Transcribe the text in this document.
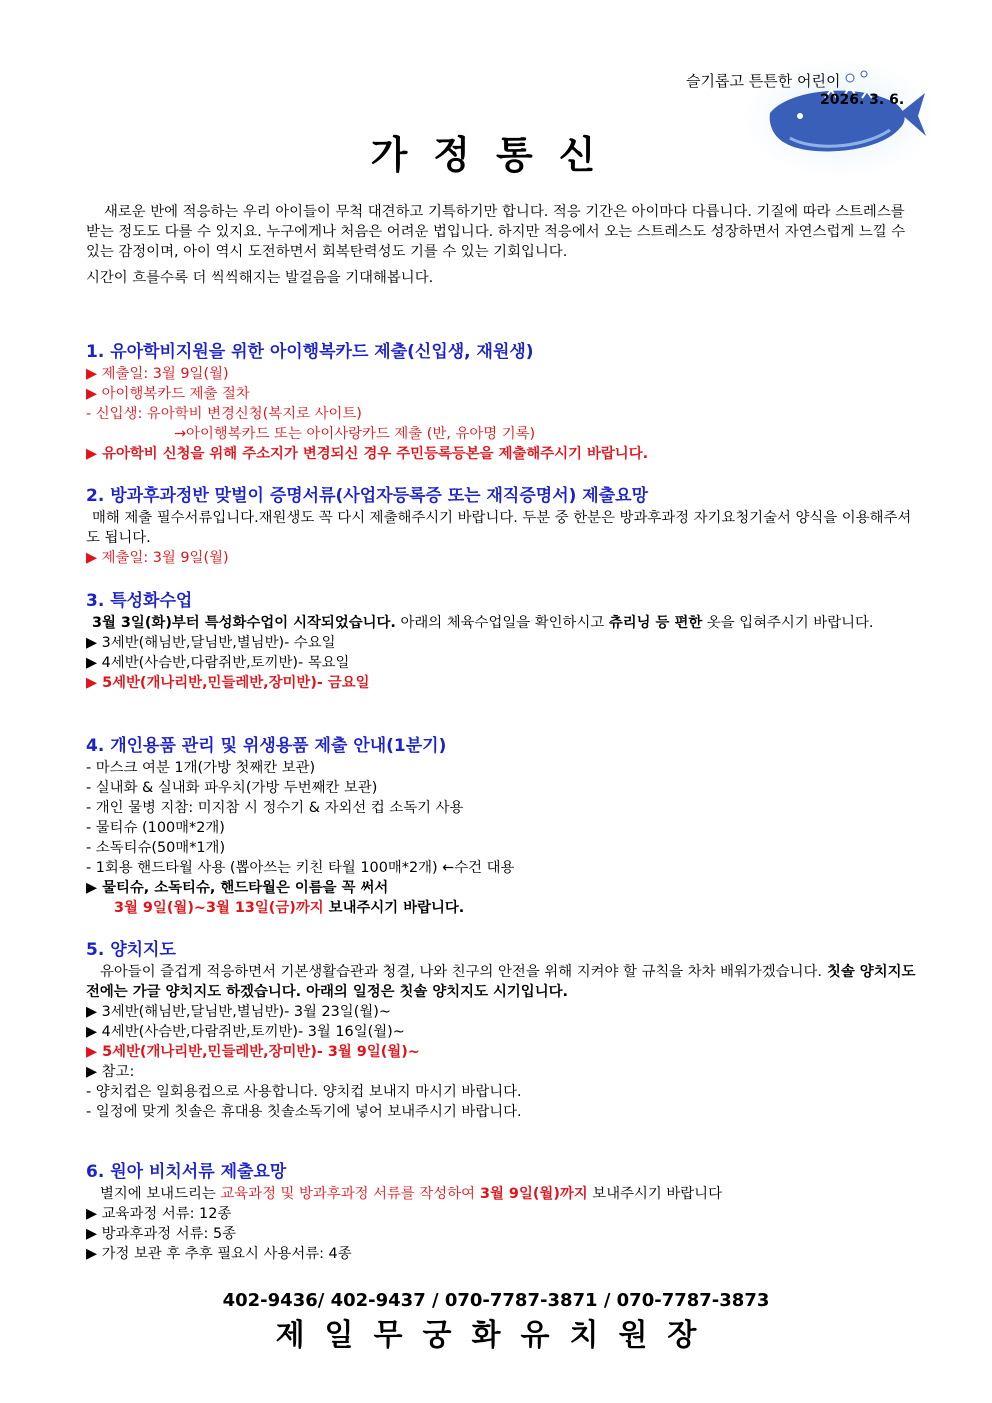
슬기롭고 튼튼한 어린이
2026. 3. 6.
가정통신

새로운 반에 적응하는 우리 아이들이 무척 대견하고 기특하기만 합니다. 적응 기간은 아이마다 다릅니다. 기질에 따라 스트레스를 받는 정도도 다를 수 있지요. 누구에게나 처음은 어려운 법입니다. 하지만 적응에서 오는 스트레스도 성장하면서 자연스럽게 느낄 수 있는 감정이며, 아이 역시 도전하면서 회복탄력성도 기를 수 있는 기회입니다.

시간이 흐를수록 더 씩씩해지는 발걸음을 기대해봅니다.

1. 유아학비지원을 위한 아이행복카드 제출(신입생, 재원생)
▶ 제출일: 3월 9일(월)
▶ 아이행복카드 제출 절차
- 신입생: 유아학비 변경신청(복지로 사이트)
→아이행복카드 또는 아이사랑카드 제출 (반, 유아명 기록)
▶ 유아학비 신청을 위해 주소지가 변경되신 경우 주민등록등본을 제출해주시기 바랍니다.
2. 방과후과정반 맞벌이 증명서류(사업자등록증 또는 재직증명서) 제출요망
매해 제출 필수서류입니다.재원생도 꼭 다시 제출해주시기 바랍니다. 두분 중 한분은 방과후과정 자기요청기술서 양식을 이용해주셔도 됩니다.
▶ 제출일: 3월 9일(월)
3. 특성화수업
3월 3일(화)부터 특성화수업이 시작되었습니다. 아래의 체육수업일을 확인하시고 츄리닝 등 편한 옷을 입혀주시기 바랍니다.
▶ 3세반(해님반,달님반,별님반)- 수요일
▶ 4세반(사슴반,다람쥐반,토끼반)- 목요일
▶ 5세반(개나리반,민들레반,장미반)- 금요일
4. 개인용품 관리 및 위생용품 제출 안내(1분기)
- 마스크 여분 1개(가방 첫째칸 보관)
- 실내화 & 실내화 파우치(가방 두번째칸 보관)
- 개인 물병 지참: 미지참 시 정수기 & 자외선 컵 소독기 사용
- 물티슈 (100매*2개)
- 소독티슈(50매*1개)
- 1회용 핸드타월 사용 (뽑아쓰는 키친 타월 100매*2개) ←수건 대용
▶ 물티슈, 소독티슈, 핸드타월은 이름을 꼭 써서
3월 9일(월)~3월 13일(금)까지 보내주시기 바랍니다.
5. 양치지도
유아들이 즐겁게 적응하면서 기본생활습관과 청결, 나와 친구의 안전을 위해 지켜야 할 규칙을 차차 배워가겠습니다. 칫솔 양치지도 전에는 가글 양치지도 하겠습니다. 아래의 일정은 칫솔 양치지도 시기입니다.
▶ 3세반(해님반,달님반,별님반)- 3월 23일(월)~
▶ 4세반(사슴반,다람쥐반,토끼반)- 3월 16일(월)~
▶ 5세반(개나리반,민들레반,장미반)- 3월 9일(월)~
▶ 참고:
- 양치컵은 일회용컵으로 사용합니다. 양치컵 보내지 마시기 바랍니다.
- 일정에 맞게 칫솔은 휴대용 칫솔소독기에 넣어 보내주시기 바랍니다.
6. 원아 비치서류 제출요망
별지에 보내드리는 교육과정 및 방과후과정 서류를 작성하여 3월 9일(월)까지 보내주시기 바랍니다
▶ 교육과정 서류: 12종
▶ 방과후과정 서류: 5종
▶ 가정 보관 후 추후 필요시 사용서류: 4종
402-9436/ 402-9437 / 070-7787-3871 / 070-7787-3873
제일무궁화유치원장
